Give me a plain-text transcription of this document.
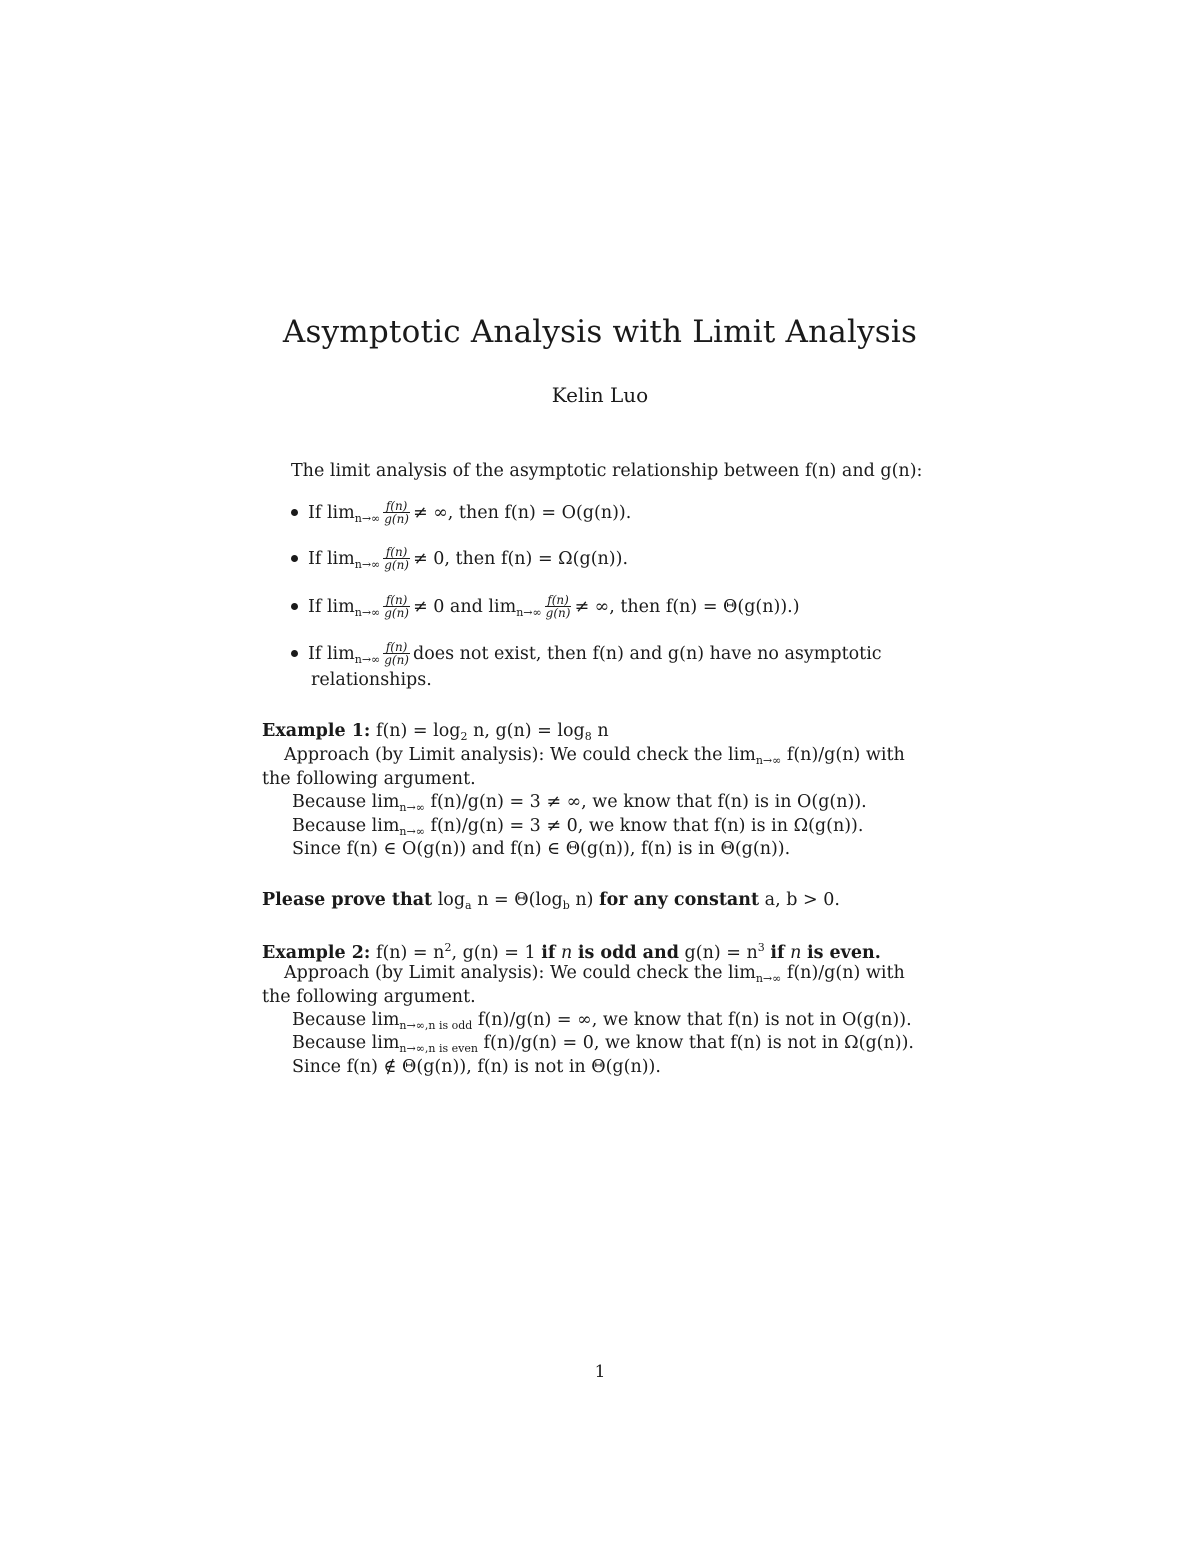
Asymptotic Analysis with Limit Analysis
Kelin Luo
The limit analysis of the asymptotic relationship between f(n) and g(n):
If $\lim_{n\to\infty} \frac{f(n)}{g(n)}$ ≠ ∞, then f(n) = O(g(n)).
If $\lim_{n\to\infty} \frac{f(n)}{g(n)} \ne 0$, then f(n) = Ω(g(n)).
If $\lim_{n\to\infty} \frac{f(n)}{g(n)} \ne 0$ and $\lim_{n\to\infty} \frac{f(n)}{g(n)}$ ≠ ∞, then f(n) = Θ(g(n)).)
If $\lim_{n\to\infty} \frac{f(n)}{g(n)}$ does not exist, then f(n) and g(n) have no asymptotic
relationships.
Example 1: $f(n) = \log_2 n$, $g(n) = \log_8 n$
Approach (by Limit analysis): We could check the $\lim_{n\to\infty} f(n)/g(n)$ with
the following argument.
Because $\lim_{n\to\infty} f(n)/g(n) = 3$ ≠ ∞, we know that f(n) is in O(g(n)).
Because $\lim_{n\to\infty} f(n)/g(n) = 3 \ne 0$, we know that f(n) is in Ω(g(n)).
Since f(n) ∈ O(g(n)) and f(n) ∈ Θ(g(n)), f(n) is in Θ(g(n)).
Please prove that $\log_a n = \Theta(\log_b$ n) for any constant a, b > 0.
Example 2: $f(n) = n^2$, g(n) = 1 if n is odd and $g(n) = n^3$ if n is even.
Approach (by Limit analysis): We could check the $\lim_{n\to\infty} f(n)/g(n)$ with
the following argument.
Because $\lim_{n\to\infty,n is odd} f(n)/g(n)$ = ∞, we know that f(n) is not in O(g(n)).
Because $\lim_{n\to\infty,n is even} f(n)/g(n) = 0$, we know that f(n) is not in Ω(g(n)).
Since f(n) ∉ Θ(g(n)), f(n) is not in Θ(g(n)).
1
